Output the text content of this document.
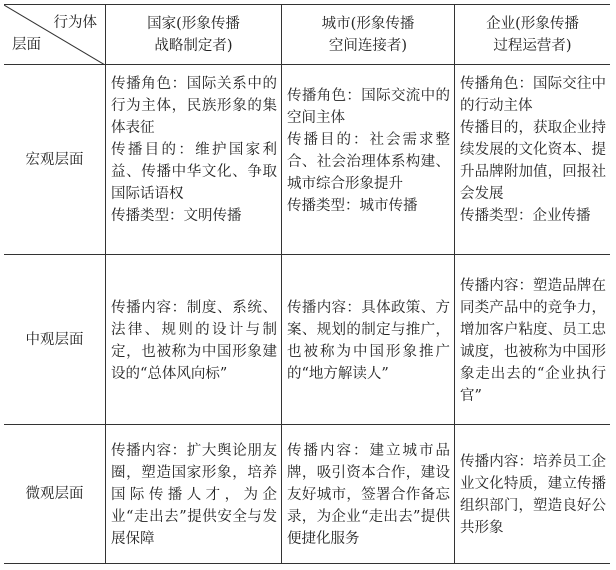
行为体
层面
国家(形象传播
战略制定者)
城市(形象传播
空间连接者)
企业(形象传播
过程运营者)
宏观层面

传播角色：国际关系中的行为主体，民族形象的集体表征
传播目的：维护国家利益、传播中华文化、争取国际话语权
传播类型：文明传播

传播角色：国际交流中的空间主体
传播目的：社会需求整合、社会治理体系构建、城市综合形象提升
传播类型：城市传播

传播角色：国际交往中的行动主体
传播目的，获取企业持续发展的文化资本、提升品牌附加值，回报社会发展
传播类型：企业传播

中观层面

传播内容：制度、系统、法律、规则的设计与制定，也被称为中国形象建设的“总体风向标”

传播内容：具体政策、方案、规划的制定与推广，也被称为中国形象推广的“地方解读人”

传播内容：塑造品牌在同类产品中的竞争力，增加客户粘度、员工忠诚度，也被称为中国形象走出去的“企业执行官”

微观层面

传播内容：扩大舆论朋友圈，塑造国家形象，培养国际传播人才，为企业“走出去”提供安全与发展保障

传播内容：建立城市品牌，吸引资本合作，建设友好城市，签署合作备忘录，为企业“走出去”提供便捷化服务

传播内容：培养员工企业文化特质，建立传播组织部门，塑造良好公共形象
